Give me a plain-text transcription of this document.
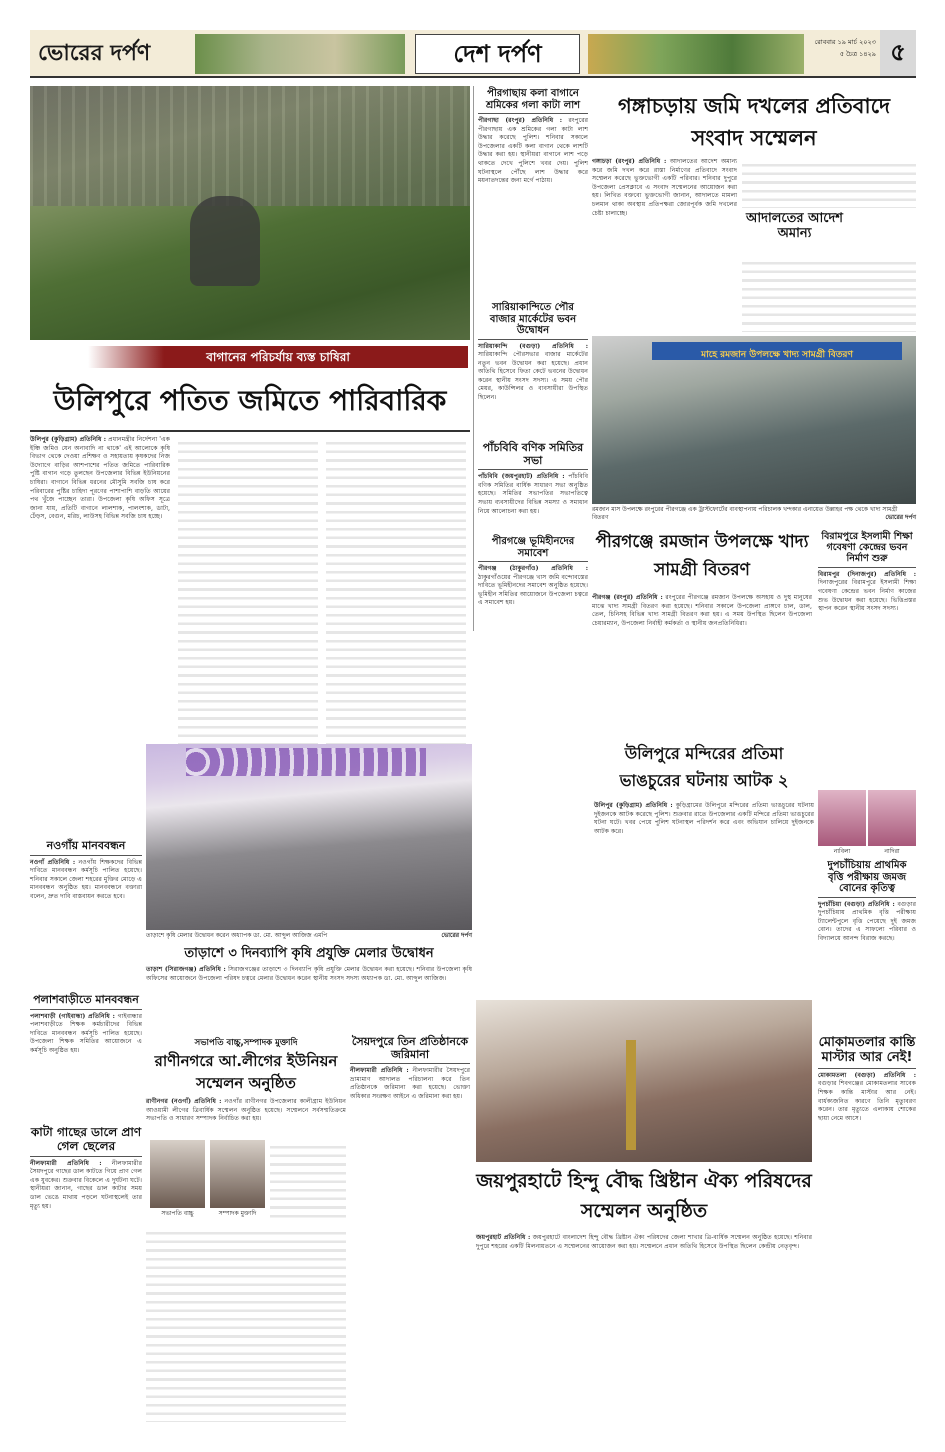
ভোরের দর্পণ	দেশ দর্পণ	রোববার ১৯ মার্চ ২০২৩
৫ চৈত্র ১৪২৯ ৫
বাগানের পরিচর্যায় ব্যস্ত চাষিরা
উলিপুরে পতিত জমিতে পারিবারিক

উলিপুর (কুড়িগ্রাম) প্রতিনিধি : প্রধানমন্ত্রীর নির্দেশনা 'এক ইঞ্চি জমিও যেন অনাবাদি না থাকে' এই আলোকে কৃষি বিভাগ থেকে দেওয়া প্রশিক্ষণ ও সহায়তায় কৃষকদের নিজ উদ্যোগে বাড়ির আশপাশের পতিত জমিতে পারিবারিক পুষ্টি বাগান গড়ে তুলছেন উপজেলার বিভিন্ন ইউনিয়নের চাষিরা। বাগানে বিভিন্ন ধরনের মৌসুমি সবজি চাষ করে পরিবারের পুষ্টির চাহিদা পূরণের পাশাপাশি বাড়তি আয়ের পথ খুঁজে পাচ্ছেন তারা। উপজেলা কৃষি অফিস সূত্রে জানা যায়, প্রতিটি বাগানে লালশাক, পালংশাক, ডাটা, ঢেঁড়স, বেগুন, মরিচ, লাউসহ বিভিন্ন সবজি চাষ হচ্ছে।

পীরগাছায় কলা বাগানে শ্রমিকের গলা কাটা লাশ
পীরগাছা (রংপুর) প্রতিনিধি : রংপুরের পীরগাছায় এক শ্রমিকের গলা কাটা লাশ উদ্ধার করেছে পুলিশ। শনিবার সকালে উপজেলার একটি কলা বাগান থেকে লাশটি উদ্ধার করা হয়। স্থানীয়রা বাগানে লাশ পড়ে থাকতে দেখে পুলিশে খবর দেয়। পুলিশ ঘটনাস্থলে পৌঁছে লাশ উদ্ধার করে ময়নাতদন্তের জন্য মর্গে পাঠায়।
সারিয়াকান্দিতে পৌর বাজার মার্কেটের ভবন উদ্বোধন
সারিয়াকান্দি (বগুড়া) প্রতিনিধি : সারিয়াকান্দি পৌরসভার বাজার মার্কেটের নতুন ভবন উদ্বোধন করা হয়েছে। প্রধান অতিথি হিসেবে ফিতা কেটে ভবনের উদ্বোধন করেন স্থানীয় সংসদ সদস্য। এ সময় পৌর মেয়র, কাউন্সিলর ও ব্যবসায়ীরা উপস্থিত ছিলেন।
পাঁচবিবি বণিক সমিতির সভা
পাঁচবিবি (জয়পুরহাট) প্রতিনিধি : পাঁচবিবি বণিক সমিতির বার্ষিক সাধারণ সভা অনুষ্ঠিত হয়েছে। সমিতির সভাপতির সভাপতিত্বে সভায় ব্যবসায়ীদের বিভিন্ন সমস্যা ও সমাধান নিয়ে আলোচনা করা হয়।
পীরগঞ্জে ভূমিহীনদের সমাবেশ
পীরগঞ্জ (ঠাকুরগাঁও) প্রতিনিধি : ঠাকুরগাঁওয়ের পীরগঞ্জে খাস জমি বন্দোবস্তের দাবিতে ভূমিহীনদের সমাবেশ অনুষ্ঠিত হয়েছে। ভূমিহীন সমিতির আয়োজনে উপজেলা চত্বরে এ সমাবেশ হয়।
গঙ্গাচড়ায় জমি দখলের প্রতিবাদে সংবাদ সম্মেলন
গঙ্গাচড়া (রংপুর) প্রতিনিধি : আদালতের আদেশ অমান্য করে জমি দখল করে রাস্তা নির্মাণের প্রতিবাদে সংবাদ সম্মেলন করেছে ভুক্তভোগী একটি পরিবার। শনিবার দুপুরে উপজেলা প্রেসক্লাবে এ সংবাদ সম্মেলনের আয়োজন করা হয়। লিখিত বক্তব্যে ভুক্তভোগী জানান, আদালতে মামলা চলমান থাকা অবস্থায় প্রতিপক্ষরা জোরপূর্বক জমি দখলের চেষ্টা চালাচ্ছে।	আদালতের আদেশ অমান্য
মাহে রমজান উপলক্ষে খাদ্য সামগ্রী বিতরণ
রমজান মাস উপলক্ষে রংপুরের পীরগঞ্জে এক ট্রাস্টফোর্টের ব্যবস্থাপনায় পরিচালক খন্দকার এনায়েত উল্লাহর পক্ষ থেকে খাদ্য সামগ্রী বিতরণ	ভোরের দর্পণ
পীরগঞ্জে রমজান উপলক্ষে খাদ্য সামগ্রী বিতরণ
পীরগঞ্জ (রংপুর) প্রতিনিধি : রংপুরের পীরগঞ্জে রমজান উপলক্ষে অসহায় ও দুস্থ মানুষের মাঝে খাদ্য সামগ্রী বিতরণ করা হয়েছে। শনিবার সকালে উপজেলা প্রাঙ্গণে চাল, ডাল, তেল, চিনিসহ বিভিন্ন খাদ্য সামগ্রী বিতরণ করা হয়। এ সময় উপস্থিত ছিলেন উপজেলা চেয়ারম্যান, উপজেলা নির্বাহী কর্মকর্তা ও স্থানীয় জনপ্রতিনিধিরা।
বিরামপুরে ইসলামী শিক্ষা গবেষণা কেন্দ্রের ভবন নির্মাণ শুরু
বিরামপুর (দিনাজপুর) প্রতিনিধি : দিনাজপুরের বিরামপুরে ইসলামী শিক্ষা গবেষণা কেন্দ্রের ভবন নির্মাণ কাজের শুভ উদ্বোধন করা হয়েছে। ভিত্তিপ্রস্তর স্থাপন করেন স্থানীয় সংসদ সদস্য।
উলিপুরে মন্দিরের প্রতিমা ভাঙচুরের ঘটনায় আটক ২
উলিপুর (কুড়িগ্রাম) প্রতিনিধি : কুড়িগ্রামের উলিপুরে মন্দিরের প্রতিমা ভাঙচুরের ঘটনায় দুইজনকে আটক করেছে পুলিশ। শুক্রবার রাতে উপজেলার একটি মন্দিরে প্রতিমা ভাঙচুরের ঘটনা ঘটে। খবর পেয়ে পুলিশ ঘটনাস্থল পরিদর্শন করে এবং অভিযান চালিয়ে দুইজনকে আটক করে।
নাবিলা	নাদিরা
দুপচাঁচিয়ায় প্রাথমিক বৃত্তি পরীক্ষায় জমজ বোনের কৃতিত্ব
দুপচাঁচিয়া (বগুড়া) প্রতিনিধি : বগুড়ার দুপচাঁচিয়ায় প্রাথমিক বৃত্তি পরীক্ষায় ট্যালেন্টপুলে বৃত্তি পেয়েছে দুই জমজ বোন। তাদের এ সাফল্যে পরিবার ও বিদ্যালয়ে আনন্দ বিরাজ করছে।
নওগাঁয় মানববন্ধন
নওগাঁ প্রতিনিধি : নওগাঁয় শিক্ষকদের বিভিন্ন দাবিতে মানববন্ধন কর্মসূচি পালিত হয়েছে। শনিবার সকালে জেলা শহরের মুক্তির মোড়ে এ মানববন্ধন অনুষ্ঠিত হয়। মানববন্ধনে বক্তারা বলেন, দ্রুত দাবি বাস্তবায়ন করতে হবে।
পলাশবাড়ীতে মানববন্ধন
পলাশবাড়ী (গাইবান্ধা) প্রতিনিধি : গাইবান্ধার পলাশবাড়ীতে শিক্ষক কর্মচারীদের বিভিন্ন দাবিতে মানববন্ধন কর্মসূচি পালিত হয়েছে। উপজেলা শিক্ষক সমিতির আয়োজনে এ কর্মসূচি অনুষ্ঠিত হয়।
কাটা গাছের ডালে প্রাণ গেল ছেলের
নীলফামারী প্রতিনিধি : নীলফামারীর সৈয়দপুরে গাছের ডাল কাটতে গিয়ে প্রাণ গেল এক যুবকের। শুক্রবার বিকেলে এ দুর্ঘটনা ঘটে। স্থানীয়রা জানান, গাছের ডাল কাটার সময় ডাল ভেঙে মাথায় পড়লে ঘটনাস্থলেই তার মৃত্যু হয়।
তাড়াশে কৃষি মেলার উদ্বোধন করেন অধ্যাপক ডা. মো. আব্দুল আজিজ এমপি	ভোরের দর্পণ
তাড়াশে ৩ দিনব্যাপি কৃষি প্রযুক্তি মেলার উদ্বোধন
তাড়াশ (সিরাজগঞ্জ) প্রতিনিধি : সিরাজগঞ্জের তাড়াশে ৩ দিনব্যাপি কৃষি প্রযুক্তি মেলার উদ্বোধন করা হয়েছে। শনিবার উপজেলা কৃষি অফিসের আয়োজনে উপজেলা পরিষদ চত্বরে মেলার উদ্বোধন করেন স্থানীয় সংসদ সদস্য অধ্যাপক ডা. মো. আব্দুল আজিজ।
সভাপতি বাচ্চু,সম্পাদক মুক্তাদি
রাণীনগরে আ.লীগের ইউনিয়ন সম্মেলন অনুষ্ঠিত
রাণীনগর (নওগাঁ) প্রতিনিধি : নওগাঁর রাণীনগর উপজেলার কালীগ্রাম ইউনিয়ন আওয়ামী লীগের ত্রিবার্ষিক সম্মেলন অনুষ্ঠিত হয়েছে। সম্মেলনে সর্বসম্মতিক্রমে সভাপতি ও সাধারণ সম্পাদক নির্বাচিত করা হয়।
সভাপতি বাচ্চু	সম্পাদক মুক্তাদি
সৈয়দপুরে তিন প্রতিষ্ঠানকে জরিমানা
নীলফামারী প্রতিনিধি : নীলফামারীর সৈয়দপুরে ভ্রাম্যমাণ আদালত পরিচালনা করে তিন প্রতিষ্ঠানকে জরিমানা করা হয়েছে। ভোক্তা অধিকার সংরক্ষণ আইনে এ জরিমানা করা হয়।
জয়পুরহাটে হিন্দু বৌদ্ধ খ্রিষ্টান ঐক্য পরিষদের সম্মেলন অনুষ্ঠিত
জয়পুরহাট প্রতিনিধি : জয়পুরহাটে বাংলাদেশ হিন্দু বৌদ্ধ খ্রিষ্টান ঐক্য পরিষদের জেলা শাখার ত্রি-বার্ষিক সম্মেলন অনুষ্ঠিত হয়েছে। শনিবার দুপুরে শহরের একটি মিলনায়তনে এ সম্মেলনের আয়োজন করা হয়। সম্মেলনে প্রধান অতিথি হিসেবে উপস্থিত ছিলেন কেন্দ্রীয় নেতৃবৃন্দ।
মোকামতলার কান্তি মাস্টার আর নেই!
মোকামতলা (বগুড়া) প্রতিনিধি : বগুড়ার শিবগঞ্জের মোকামতলার সাবেক শিক্ষক কান্তি মাস্টার আর নেই। বার্ধক্যজনিত কারণে তিনি মৃত্যুবরণ করেন। তার মৃত্যুতে এলাকায় শোকের ছায়া নেমে আসে।
